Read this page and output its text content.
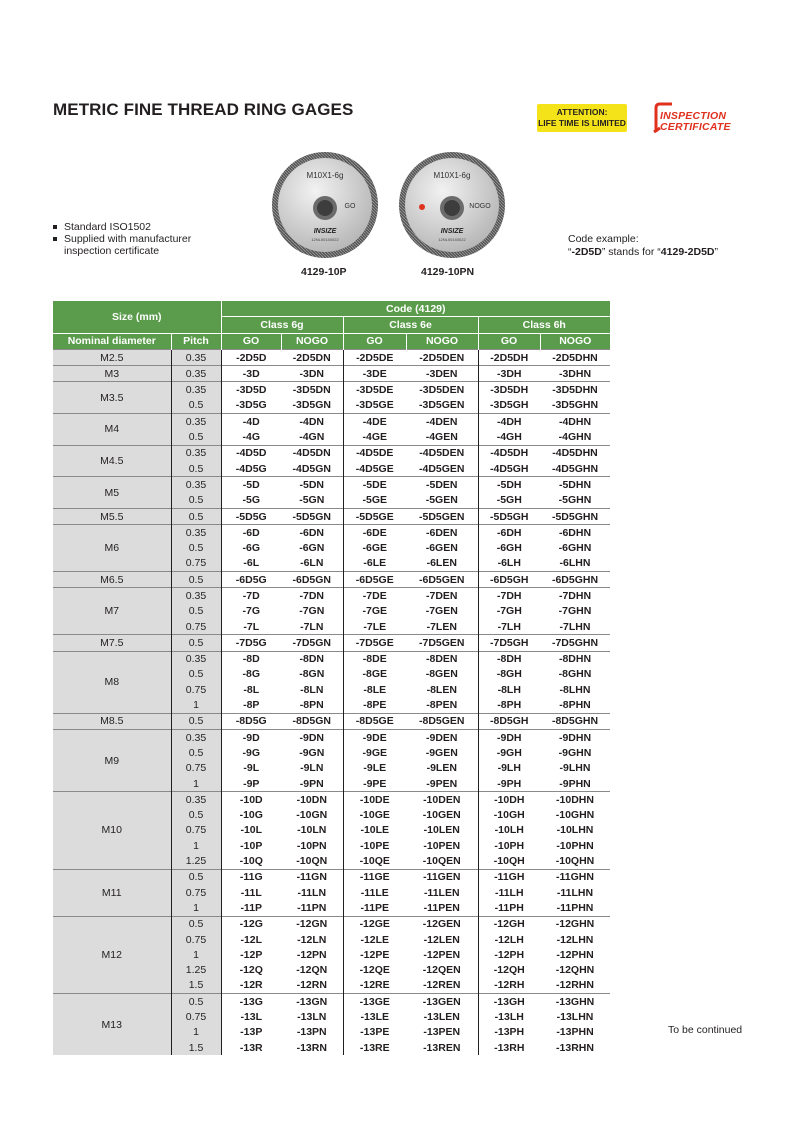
METRIC FINE THREAD RING GAGES	ATTENTION:
LIFE TIME IS LIMITED
INSPECTION
CERTIFICATE
Standard ISO1502
Supplied with manufacturer
inspection certificate
M10X1-6g
GO
INSIZE
12NL00140022
M10X1-6g
NOGO
INSIZE
12NL00140022
4129-10P	4129-10PN
Code example:
“-2D5D” stands for “4129-2D5D”
Size (mm)		Code (4129)					
		Class 6g		Class 6e		Class 6h	
Nominal diameter	Pitch	GO	NOGO	GO	NOGO	GO	NOGO
M2.5	0.35	-2D5D	-2D5DN	-2D5DE	-2D5DEN	-2D5DH	-2D5DHN
M3	0.35	-3D	-3DN	-3DE	-3DEN	-3DH	-3DHN
M3.5	0.35	-3D5D	-3D5DN	-3D5DE	-3D5DEN	-3D5DH	-3D5DHN
	0.5	-3D5G	-3D5GN	-3D5GE	-3D5GEN	-3D5GH	-3D5GHN
M4	0.35	-4D	-4DN	-4DE	-4DEN	-4DH	-4DHN
	0.5	-4G	-4GN	-4GE	-4GEN	-4GH	-4GHN
M4.5	0.35	-4D5D	-4D5DN	-4D5DE	-4D5DEN	-4D5DH	-4D5DHN
	0.5	-4D5G	-4D5GN	-4D5GE	-4D5GEN	-4D5GH	-4D5GHN
M5	0.35	-5D	-5DN	-5DE	-5DEN	-5DH	-5DHN
	0.5	-5G	-5GN	-5GE	-5GEN	-5GH	-5GHN
M5.5	0.5	-5D5G	-5D5GN	-5D5GE	-5D5GEN	-5D5GH	-5D5GHN
M6	0.35	-6D	-6DN	-6DE	-6DEN	-6DH	-6DHN
	0.5	-6G	-6GN	-6GE	-6GEN	-6GH	-6GHN
	0.75	-6L	-6LN	-6LE	-6LEN	-6LH	-6LHN
M6.5	0.5	-6D5G	-6D5GN	-6D5GE	-6D5GEN	-6D5GH	-6D5GHN
M7	0.35	-7D	-7DN	-7DE	-7DEN	-7DH	-7DHN
	0.5	-7G	-7GN	-7GE	-7GEN	-7GH	-7GHN
	0.75	-7L	-7LN	-7LE	-7LEN	-7LH	-7LHN
M7.5	0.5	-7D5G	-7D5GN	-7D5GE	-7D5GEN	-7D5GH	-7D5GHN
M8	0.35	-8D	-8DN	-8DE	-8DEN	-8DH	-8DHN
	0.5	-8G	-8GN	-8GE	-8GEN	-8GH	-8GHN
	0.75	-8L	-8LN	-8LE	-8LEN	-8LH	-8LHN
	1	-8P	-8PN	-8PE	-8PEN	-8PH	-8PHN
M8.5	0.5	-8D5G	-8D5GN	-8D5GE	-8D5GEN	-8D5GH	-8D5GHN
M9	0.35	-9D	-9DN	-9DE	-9DEN	-9DH	-9DHN
	0.5	-9G	-9GN	-9GE	-9GEN	-9GH	-9GHN
	0.75	-9L	-9LN	-9LE	-9LEN	-9LH	-9LHN
	1	-9P	-9PN	-9PE	-9PEN	-9PH	-9PHN
M10	0.35	-10D	-10DN	-10DE	-10DEN	-10DH	-10DHN
	0.5	-10G	-10GN	-10GE	-10GEN	-10GH	-10GHN
	0.75	-10L	-10LN	-10LE	-10LEN	-10LH	-10LHN
	1	-10P	-10PN	-10PE	-10PEN	-10PH	-10PHN
	1.25	-10Q	-10QN	-10QE	-10QEN	-10QH	-10QHN
M11	0.5	-11G	-11GN	-11GE	-11GEN	-11GH	-11GHN
	0.75	-11L	-11LN	-11LE	-11LEN	-11LH	-11LHN
	1	-11P	-11PN	-11PE	-11PEN	-11PH	-11PHN
M12	0.5	-12G	-12GN	-12GE	-12GEN	-12GH	-12GHN
	0.75	-12L	-12LN	-12LE	-12LEN	-12LH	-12LHN
	1	-12P	-12PN	-12PE	-12PEN	-12PH	-12PHN
	1.25	-12Q	-12QN	-12QE	-12QEN	-12QH	-12QHN
	1.5	-12R	-12RN	-12RE	-12REN	-12RH	-12RHN
M13	0.5	-13G	-13GN	-13GE	-13GEN	-13GH	-13GHN
	0.75	-13L	-13LN	-13LE	-13LEN	-13LH	-13LHN
	1	-13P	-13PN	-13PE	-13PEN	-13PH	-13PHN
	1.5	-13R	-13RN	-13RE	-13REN	-13RH	-13RHN
To be continued
